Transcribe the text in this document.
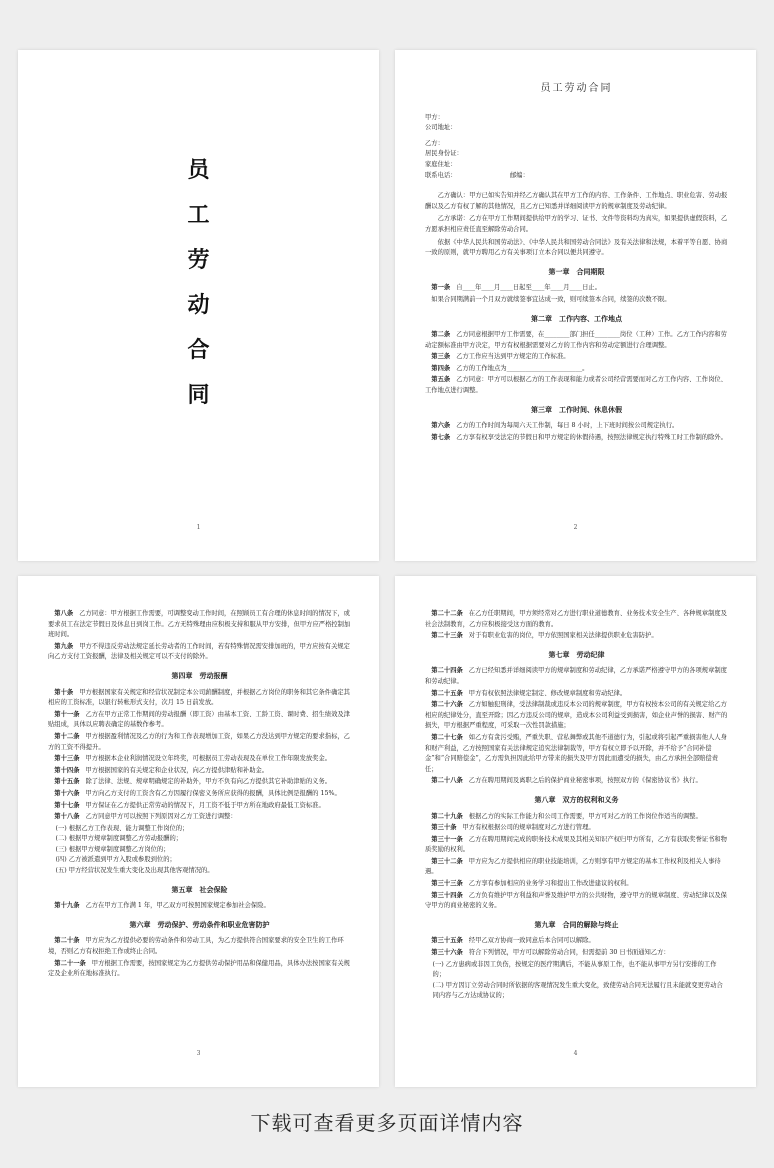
员
工
劳
动
合
同
1
员工劳动合同
甲方：
公司地址：
乙方：
居民身份证：
家庭住址：
联系电话：　　　　　　　　　邮编：

乙方确认：甲方已如实告知并经乙方确认其在甲方工作的内容、工作条件、工作地点、职业危害、劳动报酬以及乙方有权了解的其他情况，且乙方已知悉并详细阅读甲方的规章制度及劳动纪律。

乙方承诺：乙方在甲方工作期间提供给甲方的学习、证书、文件等资料均为真实，如果提供虚假资料，乙方愿承担相应责任直至解除劳动合同。

依据《中华人民共和国劳动法》、《中华人民共和国劳动合同法》及有关法律和法规，本着平等自愿、协商一致的原则，就甲方聘用乙方有关事项订立本合同以便共同遵守。

第一章　合同期限

第一条 自____年____月____日起至____年____月____日止。

如果合同期满前一个月双方就续签事宜达成一致，则可续签本合同，续签的次数不限。

第二章　工作内容、工作地点

第二条 乙方同意根据甲方工作需要，在________部门担任________岗位（工种）工作。乙方工作内容和劳动定额标准由甲方决定，甲方有权根据需要对乙方的工作内容和劳动定额进行合理调整。

第三条 乙方工作应当达到甲方规定的工作标准。

第四条 乙方的工作地点为________________________。

第五条 乙方同意：甲方可以根据乙方的工作表现和能力或者公司经营需要而对乙方工作内容、工作岗位、工作地点进行调整。

第三章　工作时间、休息休假

第六条 乙方的工作时间为每周六天工作制，每日 8 小时，上下班时间按公司规定执行。

第七条 乙方享有权享受法定的节假日和甲方规定的休假待遇，按照法律规定执行特殊工时工作制的除外。

2

第八条 乙方同意：甲方根据工作需要，可调整变动工作时间，在照顾员工有合理的休息时间的情况下，或要求员工在法定节假日及休息日到岗工作。乙方无特殊理由应积极支持和服从甲方安排，但甲方应严格控制加班时间。

第九条 甲方不得违反劳动法规定延长劳动者的工作时间，若有特殊情况需安排加班的，甲方应按有关规定向乙方支付工资报酬，法律及相关规定可以不支付的除外。

第四章　劳动报酬

第十条 甲方根据国家有关规定和经营状况制定本公司薪酬制度，并根据乙方岗位的职务和其它条件确定其相应的工资标准，以银行转帐形式支付，次月 15 日前发放。

第十一条 乙方在甲方正常工作期间的劳动报酬（即工资）由基本工资、工龄工资、课时费、招生绩效及津贴组成，具体以应聘表确定的基数作参考。

第十二条 甲方根据盈利情况及乙方的行为和工作表现增加工资，如果乙方没达到甲方规定的要求指标，乙方的工资不得提升。

第十三条 甲方根据本企业利润情况设立年终奖，可根据员工劳动表现及在单位工作年限发放奖金。

第十四条 甲方根据国家的有关规定和企业状况，向乙方提供津贴和补助金。

第十五条 除了法律、法规、规章明确规定的补助外，甲方不负有向乙方提供其它补助津贴的义务。

第十六条 甲方向乙方支付的工资含有乙方因履行保密义务所应获得的报酬，具体比例是报酬的 15%。

第十七条 甲方保证在乙方提供正常劳动的情况下，月工资不低于甲方所在地政府最低工资标准。

第十八条 乙方同意甲方可以按照下列原因对乙方工资进行调整：

(一) 根据乙方工作表现、能力调整工作岗位的；
(二) 根据甲方规章制度调整乙方劳动报酬的；
(三) 根据甲方规章制度调整乙方岗位的；
(四) 乙方被派遣到甲方入股或参股到位的；
(五) 甲方经营状况发生重大变化及出现其他客观情况的。
第五章　社会保险

第十九条 乙方在甲方工作满 1 年，甲乙双方可按照国家规定参加社会保险。

第六章　劳动保护、劳动条件和职业危害防护

第二十条 甲方应为乙方提供必要的劳动条件和劳动工具，为乙方提供符合国家要求的安全卫生的工作环境，否则乙方有权拒绝工作或终止合同。

第二十一条 甲方根据工作需要，按国家规定为乙方提供劳动保护用品和保健用品，具体办法按国家有关规定及企业所在地标准执行。

3

第二十二条 在乙方任职期间，甲方须经常对乙方进行职业道德教育、业务技术安全生产、各种规章制度及社会法制教育，乙方应积极接受这方面的教育。

第二十三条 对于有职业危害的岗位，甲方依照国家相关法律提供职业危害防护。

第七章　劳动纪律

第二十四条 乙方已经知悉并详细阅读甲方的规章制度和劳动纪律，乙方承诺严格遵守甲方的各项规章制度和劳动纪律。

第二十五条 甲方有权依照法律规定制定、修改规章制度和劳动纪律。

第二十六条 乙方如触犯刑律，受法律制裁或违反本公司的规章制度，甲方有权按本公司的有关规定给乙方相应的纪律处分，直至开除；因乙方违反公司的规章，造成本公司利益受到损害，如企业声誉的损害、财产的损失，甲方根据严重程度，可采取一次性罚款措施；

第二十七条 如乙方有贪污受贿，严重失职、营私舞弊或其他不道德行为，引起或将引起严重损害他人人身和财产利益，乙方按照国家有关法律规定追究法律制裁等，甲方有权立即予以开除，并不给予“合同补偿金”和“合同赔偿金”，乙方需负担因此给甲方带来的损失及甲方因此而遭受的损失，由乙方承担全部赔偿责任；

第二十八条 乙方在聘用期间及离职之后的保护商业秘密事项，按照双方的《保密协议书》执行。

第八章　双方的权利和义务

第二十九条 根据乙方的实际工作能力和公司工作需要，甲方可对乙方的工作岗位作适当的调整。

第三十条 甲方有权根据公司的规章制度对乙方进行管理。

第三十一条 乙方在聘用期间完成的职务技术成果及其相关知识产权归甲方所有，乙方有获取奖誉证书和物质奖励的权利。

第三十二条 甲方应为乙方提供相应的职业技能培训，乙方则享有甲方规定的基本工作权利及相关人事待遇。

第三十三条 乙方享有参加相应的业务学习和提出工作改进建议的权利。

第三十四条 乙方负有维护甲方利益和声誉及维护甲方的公共财物，遵守甲方的规章制度、劳动纪律以及保守甲方的商业秘密的义务。

第九章　合同的解除与终止

第三十五条 经甲乙双方协商一致同意后本合同可以解除。

第三十六条 符合下列情况，甲方可以解除劳动合同，但需提前 30 日书面通知乙方：

(一) 乙方患病或非因工负伤，按规定的医疗期满后，不能从事原工作，也不能从事甲方另行安排的工作的；
(二) 甲方因订立劳动合同时所依据的客观情况发生重大变化，致使劳动合同无法履行且未能就变更劳动合同内容与乙方达成协议的；
4
下载可查看更多页面详情内容
